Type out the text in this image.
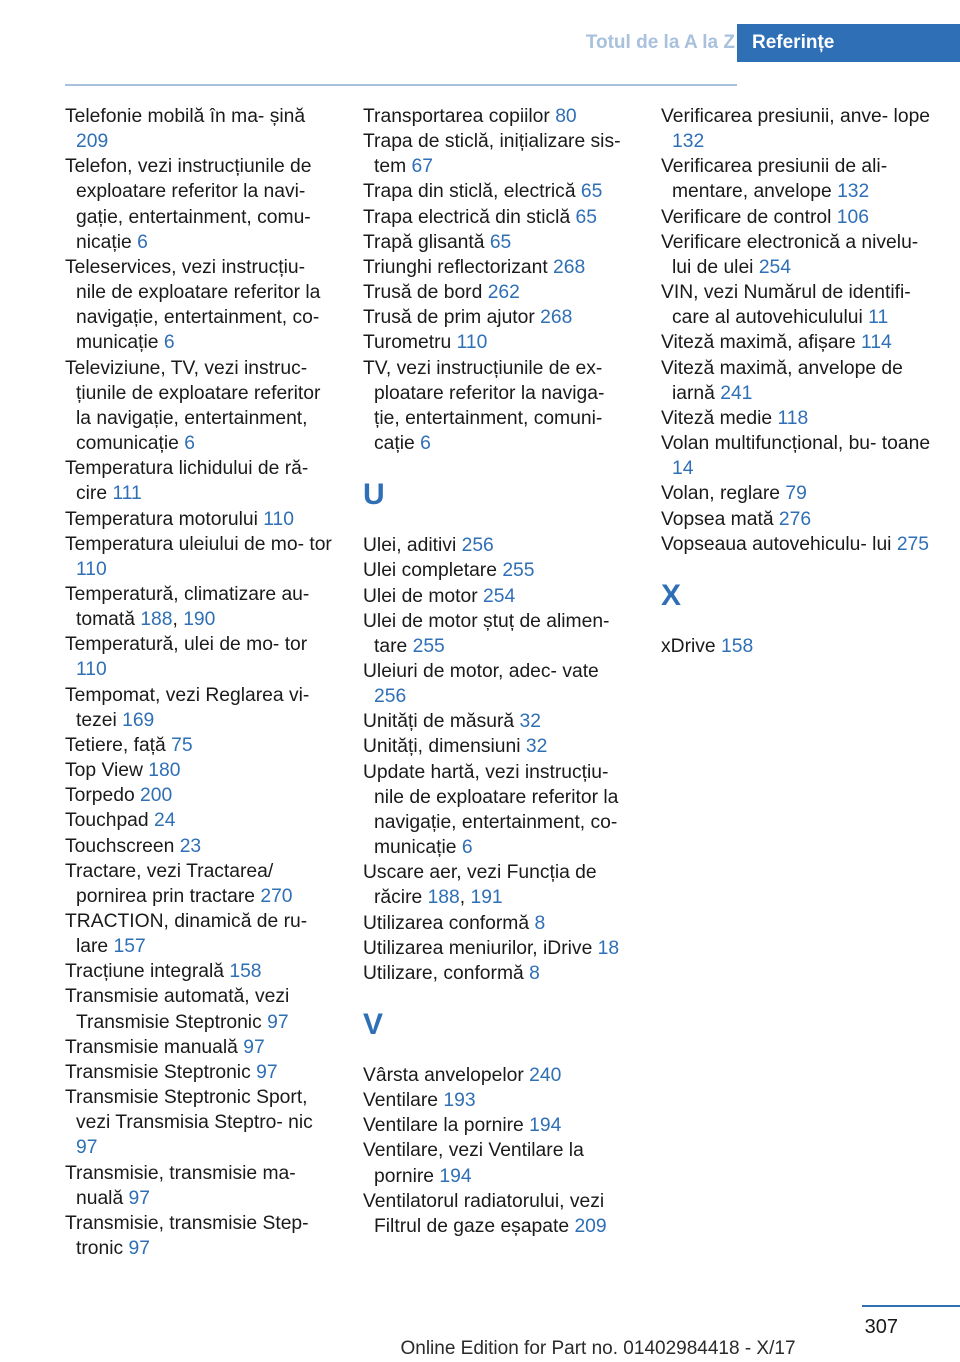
Totul de la A la Z Referințe
Telefonie mobilă în ma‐ șină 209
Telefon, vezi instrucțiunile de exploatare referitor la navi‐ gație, entertainment, comu‐ nicație 6
Teleservices, vezi instrucțiu‐ nile de exploatare referitor la navigație, entertainment, co‐ municație 6
Televiziune, TV, vezi instruc‐ țiunile de exploatare referitor la navigație, entertainment, comunicație 6
Temperatura lichidului de ră‐ cire 111
Temperatura motorului 110
Temperatura uleiului de mo‐ tor 110
Temperatură, climatizare au‐ tomată 188, 190
Temperatură, ulei de mo‐ tor 110
Tempomat, vezi Reglarea vi‐ tezei 169
Tetiere, față 75
Top View 180
Torpedo 200
Touchpad 24
Touchscreen 23
Tractare, vezi Tractarea/ pornirea prin tractare 270
TRACTION, dinamică de ru‐ lare 157
Tracțiune integrală 158
Transmisie automată, vezi Transmisie Steptronic 97
Transmisie manuală 97
Transmisie Steptronic 97
Transmisie Steptronic Sport, vezi Transmisia Steptro‐ nic 97
Transmisie, transmisie ma‐ nuală 97
Transmisie, transmisie Step‐ tronic 97
Transportarea copiilor 80
Trapa de sticlă, inițializare sis‐ tem 67
Trapa din sticlă, electrică 65
Trapa electrică din sticlă 65
Trapă glisantă 65
Triunghi reflectorizant 268
Trusă de bord 262
Trusă de prim ajutor 268
Turometru 110
TV, vezi instrucțiunile de ex‐ ploatare referitor la naviga‐ ție, entertainment, comuni‐ cație 6
U
Ulei, aditivi 256
Ulei completare 255
Ulei de motor 254
Ulei de motor ștuț de alimen‐ tare 255
Uleiuri de motor, adec‐ vate 256
Unități de măsură 32
Unități, dimensiuni 32
Update hartă, vezi instrucțiu‐ nile de exploatare referitor la navigație, entertainment, co‐ municație 6
Uscare aer, vezi Funcția de răcire 188, 191
Utilizarea conformă 8
Utilizarea meniurilor, iDrive 18
Utilizare, conformă 8
V
Vârsta anvelopelor 240
Ventilare 193
Ventilare la pornire 194
Ventilare, vezi Ventilare la pornire 194
Ventilatorul radiatorului, vezi Filtrul de gaze eșapate 209
Verificarea presiunii, anve‐ lope 132
Verificarea presiunii de ali‐ mentare, anvelope 132
Verificare de control 106
Verificare electronică a nivelu‐ lui de ulei 254
VIN, vezi Numărul de identifi‐ care al autovehiculului 11
Viteză maximă, afișare 114
Viteză maximă, anvelope de iarnă 241
Viteză medie 118
Volan multifuncțional, bu‐ toane 14
Volan, reglare 79
Vopsea mată 276
Vopseaua autovehiculu‐ lui 275
X
xDrive 158
307
Online Edition for Part no. 01402984418 - X/17
